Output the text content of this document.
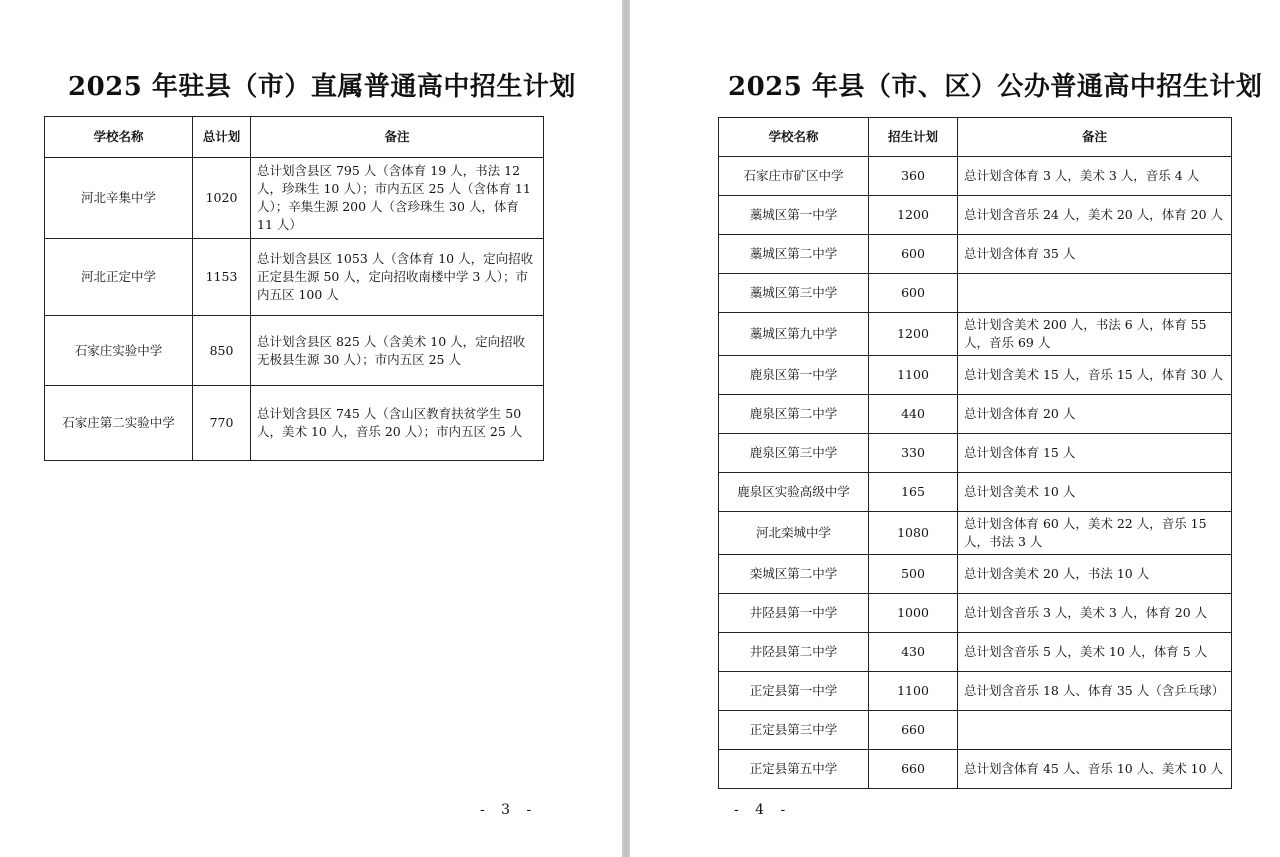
2025 年驻县（市）直属普通高中招生计划
学校名称	总计划	备注
河北辛集中学	1020	总计划含县区 795 人（含体育 19 人，书法 12 人，珍珠生 10 人）；市内五区 25 人（含体育 11 人）；辛集生源 200 人（含珍珠生 30 人，体育 11 人）
河北正定中学	1153	总计划含县区 1053 人（含体育 10 人，定向招收正定县生源 50 人，定向招收南楼中学 3 人）；市内五区 100 人
石家庄实验中学	850	总计划含县区 825 人（含美术 10 人，定向招收无极县生源 30 人）；市内五区 25 人
石家庄第二实验中学	770	总计划含县区 745 人（含山区教育扶贫学生 50 人，美术 10 人，音乐 20 人）；市内五区 25 人
- 3 -
2025 年县（市、区）公办普通高中招生计划
学校名称	招生计划	备注
石家庄市矿区中学	360	总计划含体育 3 人，美术 3 人，音乐 4 人
藁城区第一中学	1200	总计划含音乐 24 人，美术 20 人，体育 20 人
藁城区第二中学	600	总计划含体育 35 人
藁城区第三中学	600	
藁城区第九中学	1200	总计划含美术 200 人，书法 6 人，体育 55 人，音乐 69 人
鹿泉区第一中学	1100	总计划含美术 15 人，音乐 15 人，体育 30 人
鹿泉区第二中学	440	总计划含体育 20 人
鹿泉区第三中学	330	总计划含体育 15 人
鹿泉区实验高级中学	165	总计划含美术 10 人
河北栾城中学	1080	总计划含体育 60 人，美术 22 人，音乐 15 人，书法 3 人
栾城区第二中学	500	总计划含美术 20 人，书法 10 人
井陉县第一中学	1000	总计划含音乐 3 人，美术 3 人，体育 20 人
井陉县第二中学	430	总计划含音乐 5 人，美术 10 人，体育 5 人
正定县第一中学	1100	总计划含音乐 18 人、体育 35 人（含乒乓球）
正定县第三中学	660	
正定县第五中学	660	总计划含体育 45 人、音乐 10 人、美术 10 人
- 4 -
